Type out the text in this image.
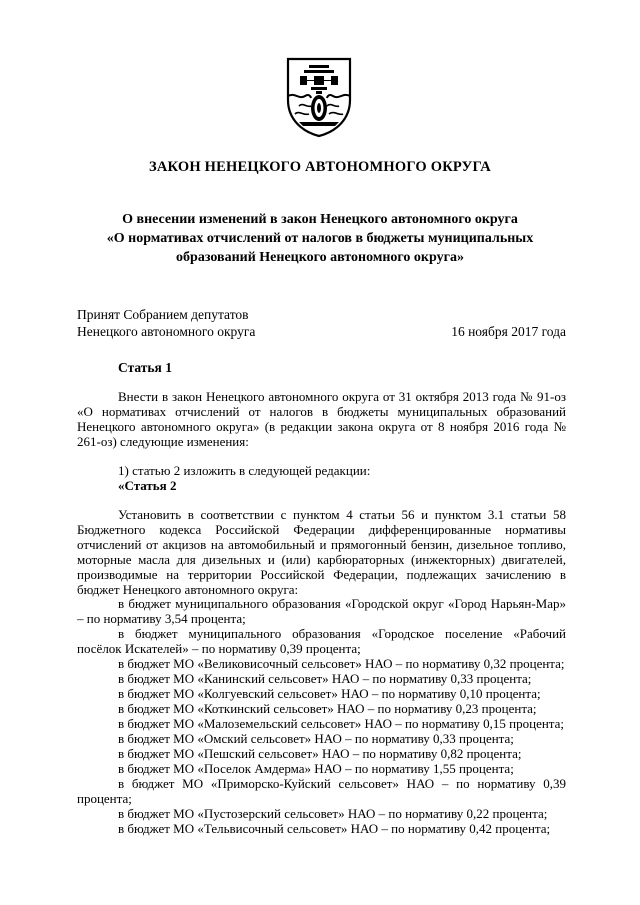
ЗАКОН НЕНЕЦКОГО АВТОНОМНОГО ОКРУГА
О внесении изменений в закон Ненецкого автономного округа
«О нормативах отчислений от налогов в бюджеты муниципальных
образований Ненецкого автономного округа»
Принят Собранием депутатов
Ненецкого автономного округа	16 ноября 2017 года
Статья 1

Внести в закон Ненецкого автономного округа от 31 октября 2013 года № 91-оз «О нормативах отчислений от налогов в бюджеты муниципальных образований Ненецкого автономного округа» (в редакции закона округа от 8 ноября 2016 года № 261-оз) следующие изменения:

1) статью 2 изложить в следующей редакции:

«Статья 2

Установить в соответствии с пунктом 4 статьи 56 и пунктом 3.1 статьи 58 Бюджетного кодекса Российской Федерации дифференцированные нормативы отчислений от акцизов на автомобильный и прямогонный бензин, дизельное топливо, моторные масла для дизельных и (или) карбюраторных (инжекторных) двигателей, производимые на территории Российской Федерации, подлежащих зачислению в бюджет Ненецкого автономного округа:

в бюджет муниципального образования «Городской округ «Город Нарьян-Мар» – по нормативу 3,54 процента;
в бюджет муниципального образования «Городское поселение «Рабочий посёлок Искателей» – по нормативу 0,39 процента;
в бюджет МО «Великовисочный сельсовет» НАО – по нормативу 0,32 процента;
в бюджет МО «Канинский сельсовет» НАО – по нормативу 0,33 процента;
в бюджет МО «Колгуевский сельсовет» НАО – по нормативу 0,10 процента;
в бюджет МО «Коткинский сельсовет» НАО – по нормативу 0,23 процента;
в бюджет МО «Малоземельский сельсовет» НАО – по нормативу 0,15 процента;
в бюджет МО «Омский сельсовет» НАО – по нормативу 0,33 процента;
в бюджет МО «Пешский сельсовет» НАО – по нормативу 0,82 процента;
в бюджет МО «Поселок Амдерма» НАО – по нормативу 1,55 процента;
в бюджет МО «Приморско-Куйский сельсовет» НАО – по нормативу 0,39 процента;
в бюджет МО «Пустозерский сельсовет» НАО – по нормативу 0,22 процента;
в бюджет МО «Тельвисочный сельсовет» НАО – по нормативу 0,42 процента;
